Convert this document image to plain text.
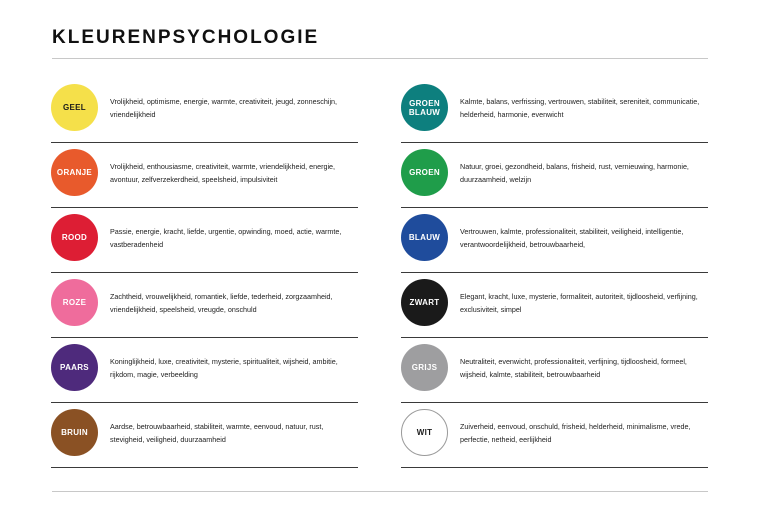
KLEURENPSYCHOLOGIE
GEEL
Vrolijkheid, optimisme, energie, warmte, creativiteit, jeugd, zonneschijn, vriendelijkheid
ORANJE
Vrolijkheid, enthousiasme, creativiteit, warmte, vriendelijkheid, energie, avontuur, zelfverzekerdheid, speelsheid, impulsiviteit
ROOD
Passie, energie, kracht, liefde, urgentie, opwinding, moed, actie, warmte, vastberadenheid
ROZE
Zachtheid, vrouwelijkheid, romantiek, liefde, tederheid, zorgzaamheid, vriendelijkheid, speelsheid, vreugde, onschuld
PAARS
Koninglijkheid, luxe, creativiteit, mysterie, spiritualiteit, wijsheid, ambitie, rijkdom, magie, verbeelding
BRUIN
Aardse, betrouwbaarheid, stabiliteit, warmte, eenvoud, natuur, rust, stevigheid, veiligheid, duurzaamheid
GROEN
BLAUW
Kalmte, balans, verfrissing, vertrouwen, stabiliteit, sereniteit, communicatie, helderheid, harmonie, evenwicht
GROEN
Natuur, groei, gezondheid, balans, frisheid, rust, vernieuwing, harmonie, duurzaamheid, welzijn
BLAUW
Vertrouwen, kalmte, professionaliteit, stabiliteit, veiligheid, intelligentie, verantwoordelijkheid, betrouwbaarheid,
ZWART
Elegant, kracht, luxe, mysterie, formaliteit, autoriteit, tijdloosheid, verfijning, exclusiviteit, simpel
GRIJS
Neutraliteit, evenwicht, professionaliteit, verfijning, tijdloosheid, formeel, wijsheid, kalmte, stabiliteit, betrouwbaarheid
WIT
Zuiverheid, eenvoud, onschuld, frisheid, helderheid, minimalisme, vrede, perfectie, netheid, eerlijkheid
